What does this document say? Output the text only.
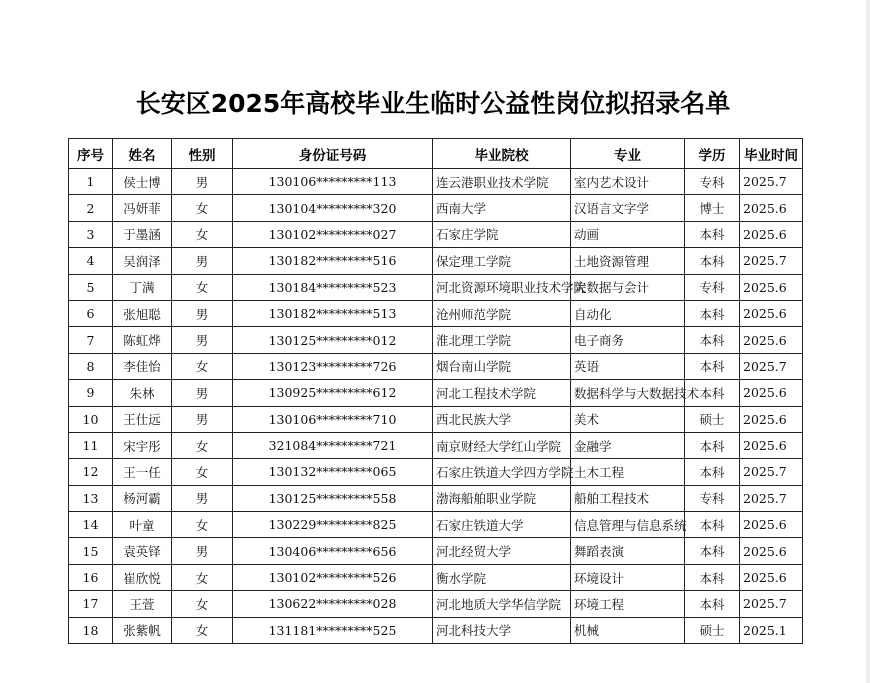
长安区2025年高校毕业生临时公益性岗位拟招录名单
序号	姓名	性别	身份证号码	毕业院校	专业	学历	毕业时间
1	侯士博	男	130106*********113	连云港职业技术学院	室内艺术设计	专科	2025.7
2	冯妍菲	女	130104*********320	西南大学	汉语言文字学	博士	2025.6
3	于墨涵	女	130102*********027	石家庄学院	动画	本科	2025.6
4	吴润泽	男	130182*********516	保定理工学院	土地资源管理	本科	2025.7
5	丁满	女	130184*********523	河北资源环境职业技术学院	大数据与会计	专科	2025.6
6	张旭聪	男	130182*********513	沧州师范学院	自动化	本科	2025.6
7	陈虹烨	男	130125*********012	淮北理工学院	电子商务	本科	2025.6
8	李佳怡	女	130123*********726	烟台南山学院	英语	本科	2025.7
9	朱林	男	130925*********612	河北工程技术学院	数据科学与大数据技术	本科	2025.6
10	王仕远	男	130106*********710	西北民族大学	美术	硕士	2025.6
11	宋宇彤	女	321084*********721	南京财经大学红山学院	金融学	本科	2025.6
12	王一任	女	130132*********065	石家庄铁道大学四方学院	土木工程	本科	2025.7
13	杨河霸	男	130125*********558	渤海船舶职业学院	船舶工程技术	专科	2025.7
14	叶童	女	130229*********825	石家庄铁道大学	信息管理与信息系统	本科	2025.6
15	袁英铎	男	130406*********656	河北经贸大学	舞蹈表演	本科	2025.6
16	崔欣悦	女	130102*********526	衡水学院	环境设计	本科	2025.6
17	王萱	女	130622*********028	河北地质大学华信学院	环境工程	本科	2025.7
18	张紫帆	女	131181*********525	河北科技大学	机械	硕士	2025.1
